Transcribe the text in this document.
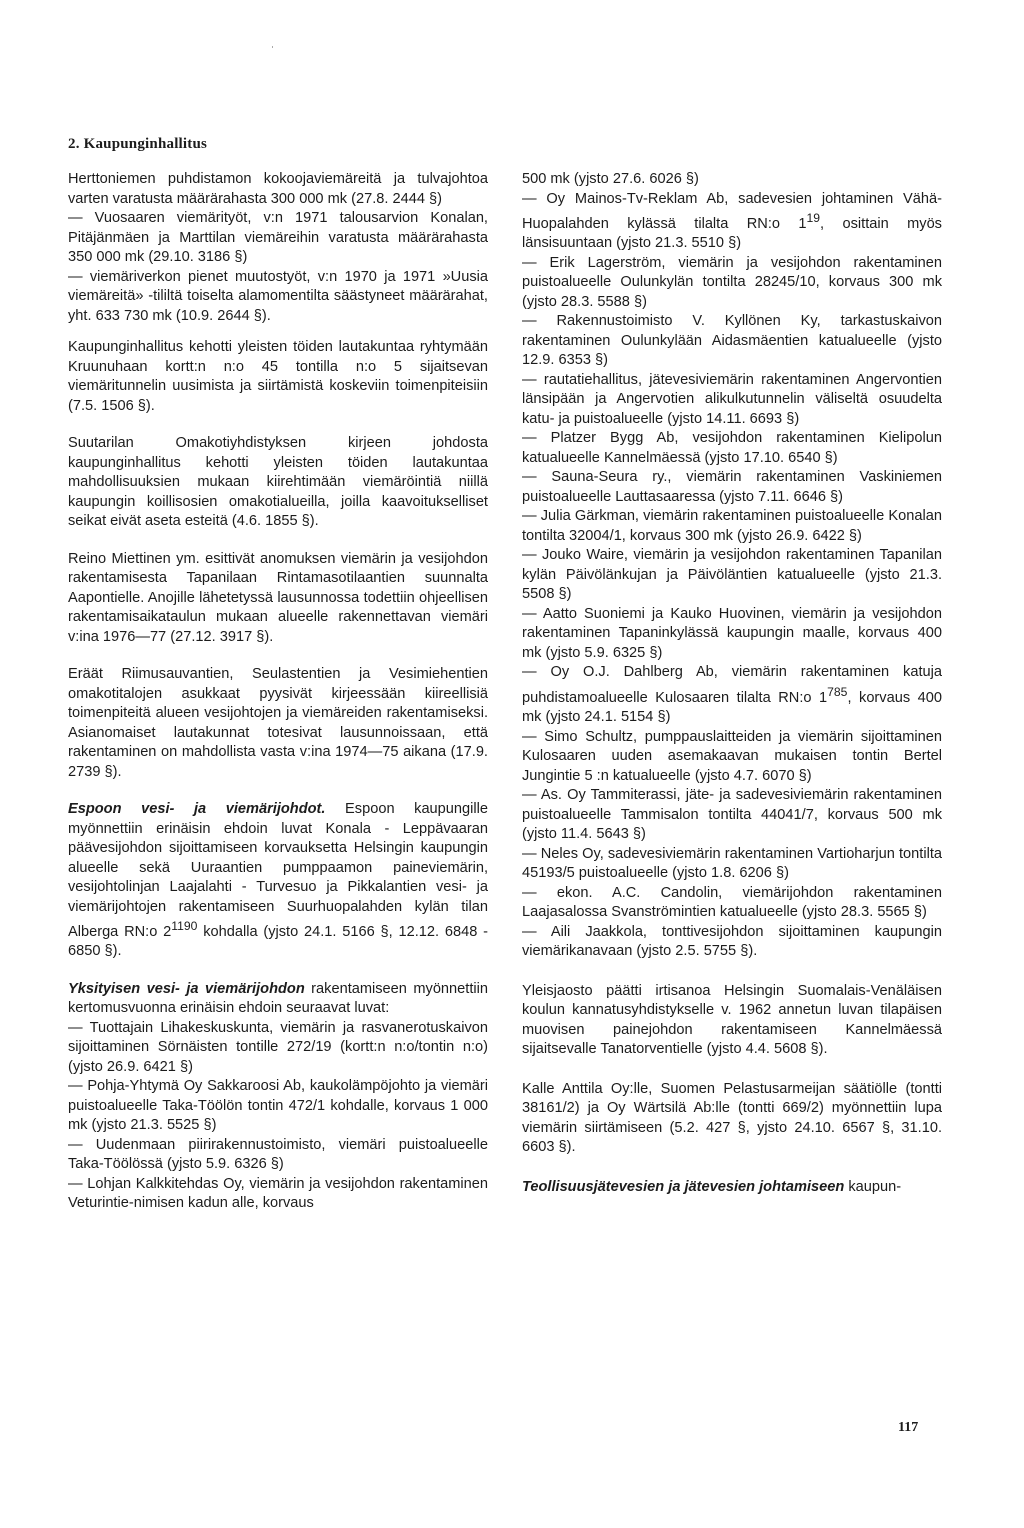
2. Kaupunginhallitus

Herttoniemen puhdistamon kokoojaviemäreitä ja tulvajohtoa varten varatusta määrärahasta 300 000 mk (27.8. 2444 §)

— Vuosaaren viemärityöt, v:n 1971 talousarvion Konalan, Pitäjänmäen ja Marttilan viemäreihin varatusta määrärahasta 350 000 mk (29.10. 3186 §)

— viemäriverkon pienet muutostyöt, v:n 1970 ja 1971 »Uusia viemäreitä» -tililtä toiselta alamomentilta säästyneet määrärahat, yht. 633 730 mk (10.9. 2644 §).

Kaupunginhallitus kehotti yleisten töiden lautakuntaa ryhtymään Kruunuhaan kortt:n n:o 45 tontilla n:o 5 sijaitsevan viemäritunnelin uusimista ja siirtämistä koskeviin toimenpiteisiin (7.5. 1506 §).

Suutarilan Omakotiyhdistyksen kirjeen johdosta kaupunginhallitus kehotti yleisten töiden lautakuntaa mahdollisuuksien mukaan kiirehtimään viemäröintiä niillä kaupungin koillisosien omakotialueilla, joilla kaavoitukselliset seikat eivät aseta esteitä (4.6. 1855 §).

Reino Miettinen ym. esittivät anomuksen viemärin ja vesijohdon rakentamisesta Tapanilaan Rintamasotilaantien suunnalta Aapontielle. Anojille lähetetyssä lausunnossa todettiin ohjeellisen rakentamisaikataulun mukaan alueelle rakennettavan viemäri v:ina 1976—77 (27.12. 3917 §).

Eräät Riimusauvantien, Seulastentien ja Vesimiehentien omakotitalojen asukkaat pyysivät kirjeessään kiireellisiä toimenpiteitä alueen vesijohtojen ja viemäreiden rakentamiseksi. Asianomaiset lautakunnat totesivat lausunnoissaan, että rakentaminen on mahdollista vasta v:ina 1974—75 aikana (17.9. 2739 §).

Espoon vesi- ja viemärijohdot. Espoon kaupungille myönnettiin erinäisin ehdoin luvat Konala - Leppävaaran päävesijohdon sijoittamiseen korvauksetta Helsingin kaupungin alueelle sekä Uuraantien pumppaamon paineviemärin, vesijohtolinjan Laajalahti - Turvesuo ja Pikkalantien vesi- ja viemärijohtojen rakentamiseen Suurhuopalahden kylän tilan Alberga RN:o $2^{1190}$ kohdalla (yjsto 24.1. 5166 §, 12.12. 6848 - 6850 §).

Yksityisen vesi- ja viemärijohdon rakentamiseen myönnettiin kertomusvuonna erinäisin ehdoin seuraavat luvat:

— Tuottajain Lihakeskuskunta, viemärin ja rasvanerotuskaivon sijoittaminen Sörnäisten tontille 272/19 (kortt:n n:o/tontin n:o) (yjsto 26.9. 6421 §)

— Pohja-Yhtymä Oy Sakkaroosi Ab, kaukolämpöjohto ja viemäri puistoalueelle Taka-Töölön tontin 472/1 kohdalle, korvaus 1 000 mk (yjsto 21.3. 5525 §)

— Uudenmaan piirirakennustoimisto, viemäri puistoalueelle Taka-Töölössä (yjsto 5.9. 6326 §)

— Lohjan Kalkkitehdas Oy, viemärin ja vesijohdon rakentaminen Veturintie-nimisen kadun alle, korvaus

500 mk (yjsto 27.6. 6026 §)

— Oy Mainos-Tv-Reklam Ab, sadevesien johtaminen Vähä-Huopalahden kylässä tilalta RN:o $1^{19}$, osittain myös länsisuuntaan (yjsto 21.3. 5510 §)

— Erik Lagerström, viemärin ja vesijohdon rakentaminen puistoalueelle Oulunkylän tontilta 28245/10, korvaus 300 mk (yjsto 28.3. 5588 §)

— Rakennustoimisto V. Kyllönen Ky, tarkastuskaivon rakentaminen Oulunkylään Aidasmäentien katualueelle (yjsto 12.9. 6353 §)

— rautatiehallitus, jätevesiviemärin rakentaminen Angervontien länsipään ja Angervotien alikulkutunnelin väliseltä osuudelta katu- ja puistoalueelle (yjsto 14.11. 6693 §)

— Platzer Bygg Ab, vesijohdon rakentaminen Kielipolun katualueelle Kannelmäessä (yjsto 17.10. 6540 §)

— Sauna-Seura ry., viemärin rakentaminen Vaskiniemen puistoalueelle Lauttasaaressa (yjsto 7.11. 6646 §)

— Julia Gärkman, viemärin rakentaminen puistoalueelle Konalan tontilta 32004/1, korvaus 300 mk (yjsto 26.9. 6422 §)

— Jouko Waire, viemärin ja vesijohdon rakentaminen Tapanilan kylän Päivölänkujan ja Päivöläntien katualueelle (yjsto 21.3. 5508 §)

— Aatto Suoniemi ja Kauko Huovinen, viemärin ja vesijohdon rakentaminen Tapaninkylässä kaupungin maalle, korvaus 400 mk (yjsto 5.9. 6325 §)

— Oy O.J. Dahlberg Ab, viemärin rakentaminen katuja puhdistamoalueelle Kulosaaren tilalta RN:o $1^{785}$, korvaus 400 mk (yjsto 24.1. 5154 §)

— Simo Schultz, pumppauslaitteiden ja viemärin sijoittaminen Kulosaaren uuden asemakaavan mukaisen tontin Bertel Jungintie 5 :n katualueelle (yjsto 4.7. 6070 §)

— As. Oy Tammiterassi, jäte- ja sadevesiviemärin rakentaminen puistoalueelle Tammisalon tontilta 44041/7, korvaus 500 mk (yjsto 11.4. 5643 §)

— Neles Oy, sadevesiviemärin rakentaminen Vartioharjun tontilta 45193/5 puistoalueelle (yjsto 1.8. 6206 §)

— ekon. A.C. Candolin, viemärijohdon rakentaminen Laajasalossa Svanströmintien katualueelle (yjsto 28.3. 5565 §)

— Aili Jaakkola, tonttivesijohdon sijoittaminen kaupungin viemärikanavaan (yjsto 2.5. 5755 §).

Yleisjaosto päätti irtisanoa Helsingin Suomalais-Venäläisen koulun kannatusyhdistykselle v. 1962 annetun luvan tilapäisen muovisen painejohdon rakentamiseen Kannelmäessä sijaitsevalle Tanatorventielle (yjsto 4.4. 5608 §).

Kalle Anttila Oy:lle, Suomen Pelastusarmeijan säätiölle (tontti 38161/2) ja Oy Wärtsilä Ab:lle (tontti 669/2) myönnettiin lupa viemärin siirtämiseen (5.2. 427 §, yjsto 24.10. 6567 §, 31.10. 6603 §).

Teollisuusjätevesien ja jätevesien johtamiseen kaupun-

117
